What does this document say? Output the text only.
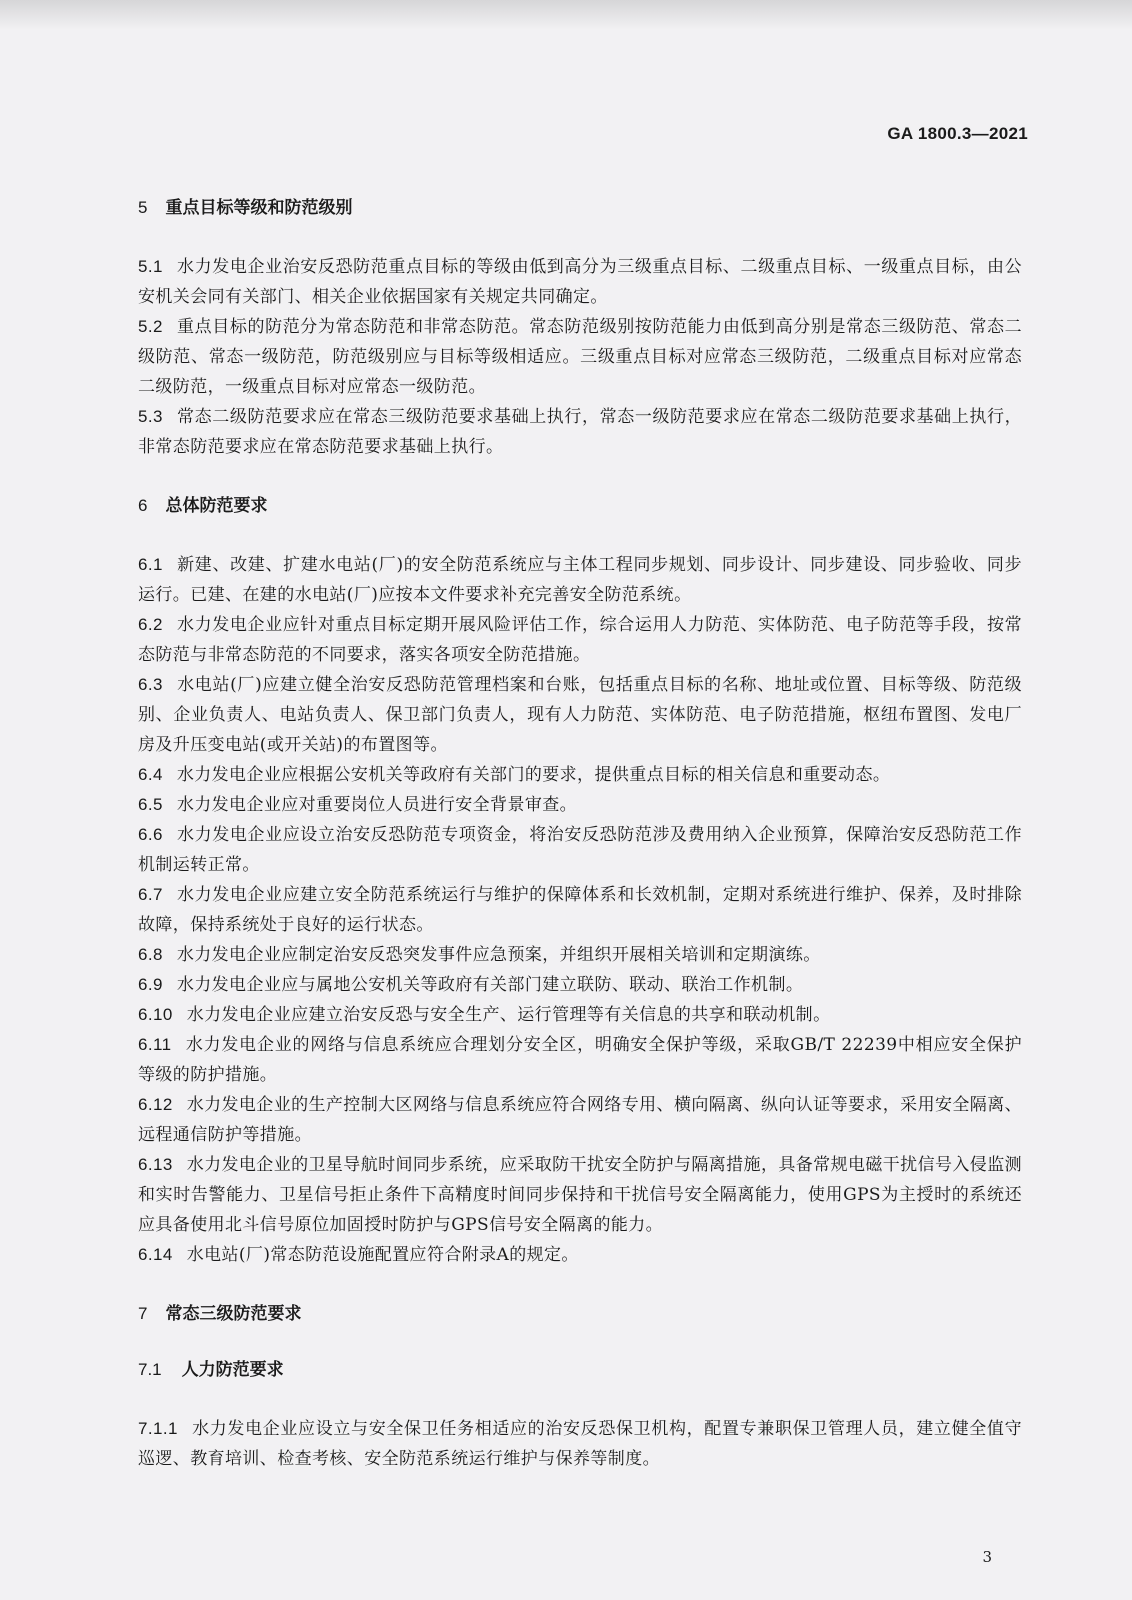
GA 1800.3—2021
5 重点目标等级和防范级别

5.1 水力发电企业治安反恐防范重点目标的等级由低到高分为三级重点目标、二级重点目标、一级重点目标，由公安机关会同有关部门、相关企业依据国家有关规定共同确定。

5.2 重点目标的防范分为常态防范和非常态防范。常态防范级别按防范能力由低到高分别是常态三级防范、常态二级防范、常态一级防范，防范级别应与目标等级相适应。三级重点目标对应常态三级防范，二级重点目标对应常态二级防范，一级重点目标对应常态一级防范。

5.3 常态二级防范要求应在常态三级防范要求基础上执行，常态一级防范要求应在常态二级防范要求基础上执行，非常态防范要求应在常态防范要求基础上执行。

6 总体防范要求

6.1 新建、改建、扩建水电站(厂)的安全防范系统应与主体工程同步规划、同步设计、同步建设、同步验收、同步运行。已建、在建的水电站(厂)应按本文件要求补充完善安全防范系统。

6.2 水力发电企业应针对重点目标定期开展风险评估工作，综合运用人力防范、实体防范、电子防范等手段，按常态防范与非常态防范的不同要求，落实各项安全防范措施。

6.3 水电站(厂)应建立健全治安反恐防范管理档案和台账，包括重点目标的名称、地址或位置、目标等级、防范级别、企业负责人、电站负责人、保卫部门负责人，现有人力防范、实体防范、电子防范措施，枢纽布置图、发电厂房及升压变电站(或开关站)的布置图等。

6.4 水力发电企业应根据公安机关等政府有关部门的要求，提供重点目标的相关信息和重要动态。

6.5 水力发电企业应对重要岗位人员进行安全背景审查。

6.6 水力发电企业应设立治安反恐防范专项资金，将治安反恐防范涉及费用纳入企业预算，保障治安反恐防范工作机制运转正常。

6.7 水力发电企业应建立安全防范系统运行与维护的保障体系和长效机制，定期对系统进行维护、保养，及时排除故障，保持系统处于良好的运行状态。

6.8 水力发电企业应制定治安反恐突发事件应急预案，并组织开展相关培训和定期演练。

6.9 水力发电企业应与属地公安机关等政府有关部门建立联防、联动、联治工作机制。

6.10 水力发电企业应建立治安反恐与安全生产、运行管理等有关信息的共享和联动机制。

6.11 水力发电企业的网络与信息系统应合理划分安全区，明确安全保护等级，采取GB/T 22239中相应安全保护等级的防护措施。

6.12 水力发电企业的生产控制大区网络与信息系统应符合网络专用、横向隔离、纵向认证等要求，采用安全隔离、远程通信防护等措施。

6.13 水力发电企业的卫星导航时间同步系统，应采取防干扰安全防护与隔离措施，具备常规电磁干扰信号入侵监测和实时告警能力、卫星信号拒止条件下高精度时间同步保持和干扰信号安全隔离能力，使用GPS为主授时的系统还应具备使用北斗信号原位加固授时防护与GPS信号安全隔离的能力。

6.14 水电站(厂)常态防范设施配置应符合附录A的规定。

7 常态三级防范要求
7.1 人力防范要求

7.1.1 水力发电企业应设立与安全保卫任务相适应的治安反恐保卫机构，配置专兼职保卫管理人员，建立健全值守巡逻、教育培训、检查考核、安全防范系统运行维护与保养等制度。

3
